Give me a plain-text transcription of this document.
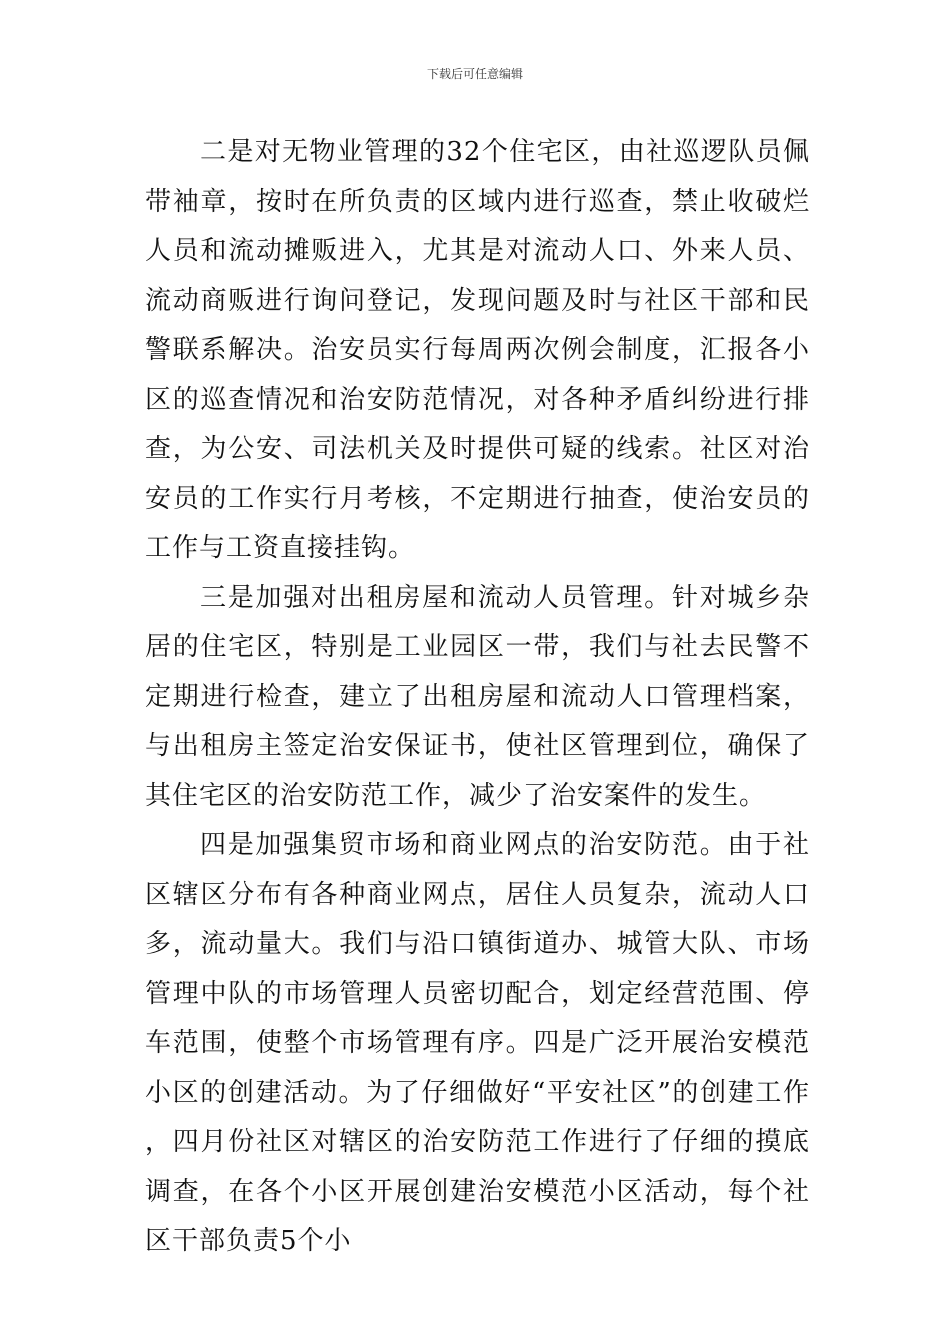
下载后可任意编辑

二是对无物业管理的32个住宅区，由社巡逻队员佩带袖章，按时在所负责的区域内进行巡查，禁止收破烂人员和流动摊贩进入，尤其是对流动人口、外来人员、流动商贩进行询问登记，发现问题及时与社区干部和民警联系解决。治安员实行每周两次例会制度，汇报各小区的巡查情况和治安防范情况，对各种矛盾纠纷进行排查，为公安、司法机关及时提供可疑的线索。社区对治安员的工作实行月考核，不定期进行抽查，使治安员的工作与工资直接挂钩。

三是加强对出租房屋和流动人员管理。针对城乡杂居的住宅区，特别是工业园区一带，我们与社去民警不定期进行检查，建立了出租房屋和流动人口管理档案，与出租房主签定治安保证书，使社区管理到位，确保了其住宅区的治安防范工作，减少了治安案件的发生。

四是加强集贸市场和商业网点的治安防范。由于社区辖区分布有各种商业网点，居住人员复杂，流动人口多，流动量大。我们与沿口镇街道办、城管大队、市场管理中队的市场管理人员密切配合，划定经营范围、停车范围，使整个市场管理有序。四是广泛开展治安模范小区的创建活动。为了仔细做好“平安社区”的创建工作，四月份社区对辖区的治安防范工作进行了仔细的摸底调查，在各个小区开展创建治安模范小区活动，每个社区干部负责5个小
